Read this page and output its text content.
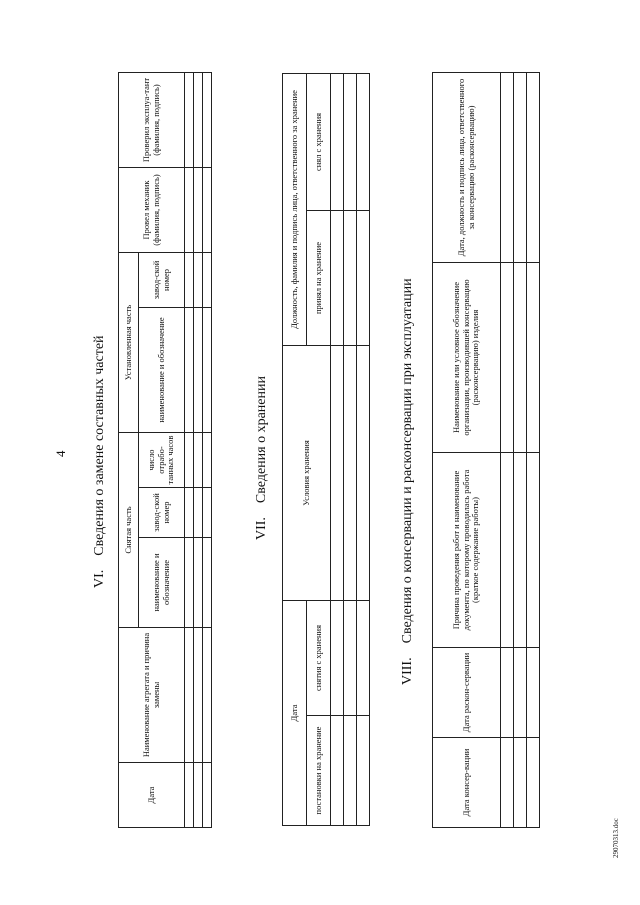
4
VI.Сведения о замене составных частей
Дата	Наименование агрегата и причина замены	Снятая часть			Установленная часть		Провел механик (фамилия, подпись)	Проверил эксплуа-тант (фамилия, подпись)
		наименование и обозначение	завод-ской номер	число отрабо-танных часов	наименование и обозначение	завод-ской номер		

VII.Сведения о хранении
Дата		Условия хранения	Должность, фамилия и подпись лица, ответственного за хранение	
постановки на хранение	снятия с хранения		принял на хранение	снял с хранения

VIII.Сведения о консервации и расконсервации при эксплуатации
Дата консер-вации	Дата раскон-сервации	Причина проведения работ и наименование документа, по которому проводилась работа (краткое содержание работы)	Наименование или условное обозначение организации, производившей консервацию (расконсервацию) изделия	Дата, должность и подпись лица, ответственного за консервацию (расконсервацию)

29070313.doc
